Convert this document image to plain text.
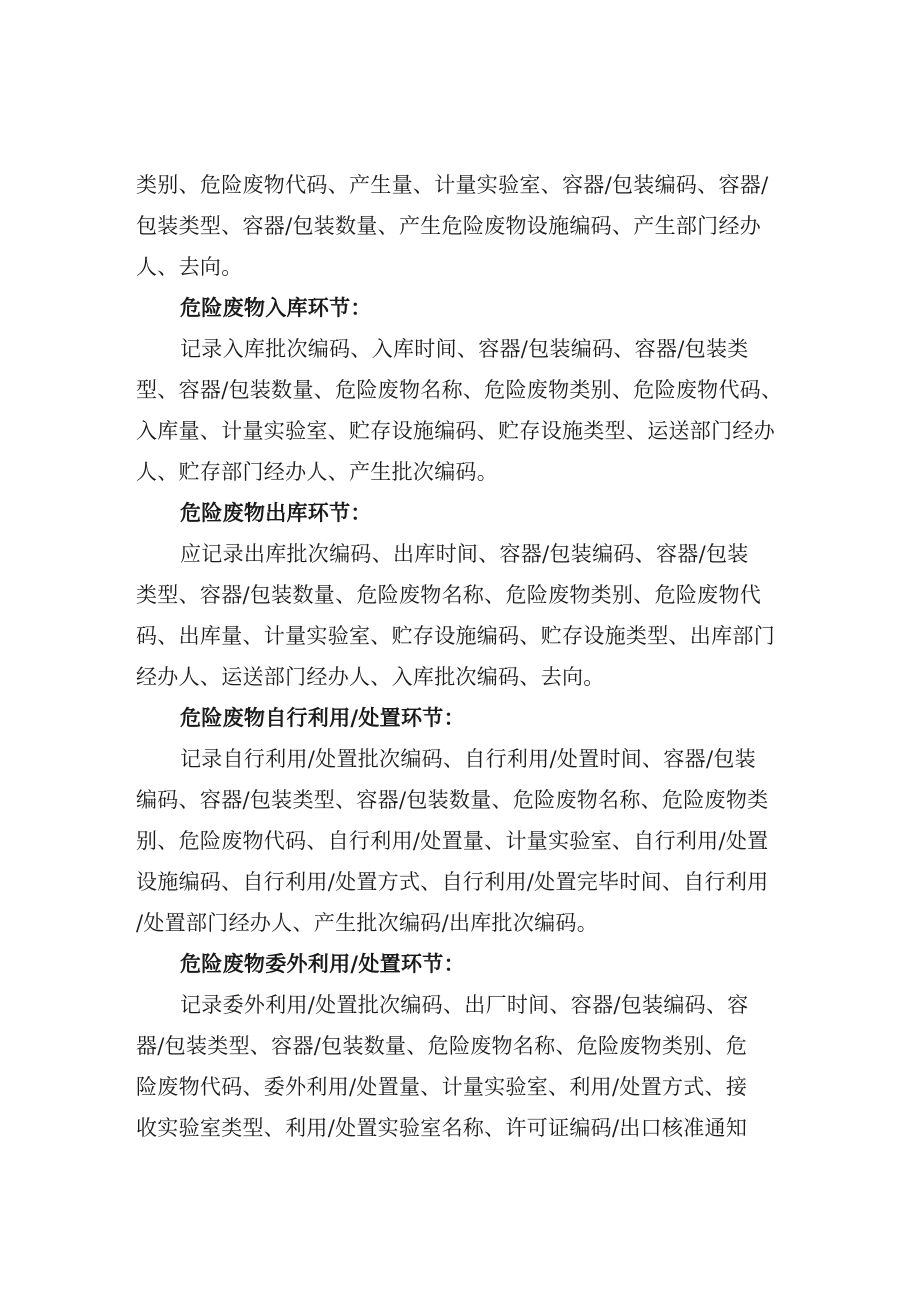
类别、危险废物代码、产生量、计量实验室、容器/包装编码、容器/
包装类型、容器/包装数量、产生危险废物设施编码、产生部门经办
人、去向。
危险废物入库环节：
记录入库批次编码、入库时间、容器/包装编码、容器/包装类
型、容器/包装数量、危险废物名称、危险废物类别、危险废物代码、
入库量、计量实验室、贮存设施编码、贮存设施类型、运送部门经办
人、贮存部门经办人、产生批次编码。
危险废物出库环节：
应记录出库批次编码、出库时间、容器/包装编码、容器/包装
类型、容器/包装数量、危险废物名称、危险废物类别、危险废物代
码、出库量、计量实验室、贮存设施编码、贮存设施类型、出库部门
经办人、运送部门经办人、入库批次编码、去向。
危险废物自行利用/处置环节：
记录自行利用/处置批次编码、自行利用/处置时间、容器/包装
编码、容器/包装类型、容器/包装数量、危险废物名称、危险废物类
别、危险废物代码、自行利用/处置量、计量实验室、自行利用/处置
设施编码、自行利用/处置方式、自行利用/处置完毕时间、自行利用
/处置部门经办人、产生批次编码/出库批次编码。
危险废物委外利用/处置环节：
记录委外利用/处置批次编码、出厂时间、容器/包装编码、容
器/包装类型、容器/包装数量、危险废物名称、危险废物类别、危
险废物代码、委外利用/处置量、计量实验室、利用/处置方式、接
收实验室类型、利用/处置实验室名称、许可证编码/出口核准通知
